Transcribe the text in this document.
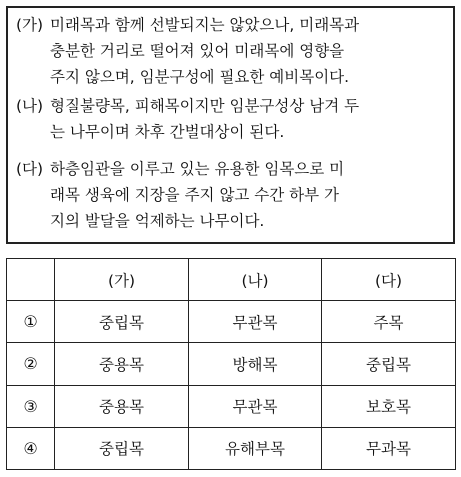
(가) 미래목과 함께 선발되지는 않았으나, 미래목과
충분한 거리로 떨어져 있어 미래목에 영향을
주지 않으며, 임분구성에 필요한 예비목이다.
(나) 형질불량목, 피해목이지만 임분구성상 남겨 두
는 나무이며 차후 간벌대상이 된다.
(다) 하층임관을 이루고 있는 유용한 임목으로 미
래목 생육에 지장을 주지 않고 수간 하부 가
지의 발달을 억제하는 나무이다.
	(가)	(나)	(다)
①	중립목	무관목	주목
②	중용목	방해목	중립목
③	중용목	무관목	보호목
④	중립목	유해부목	무과목
